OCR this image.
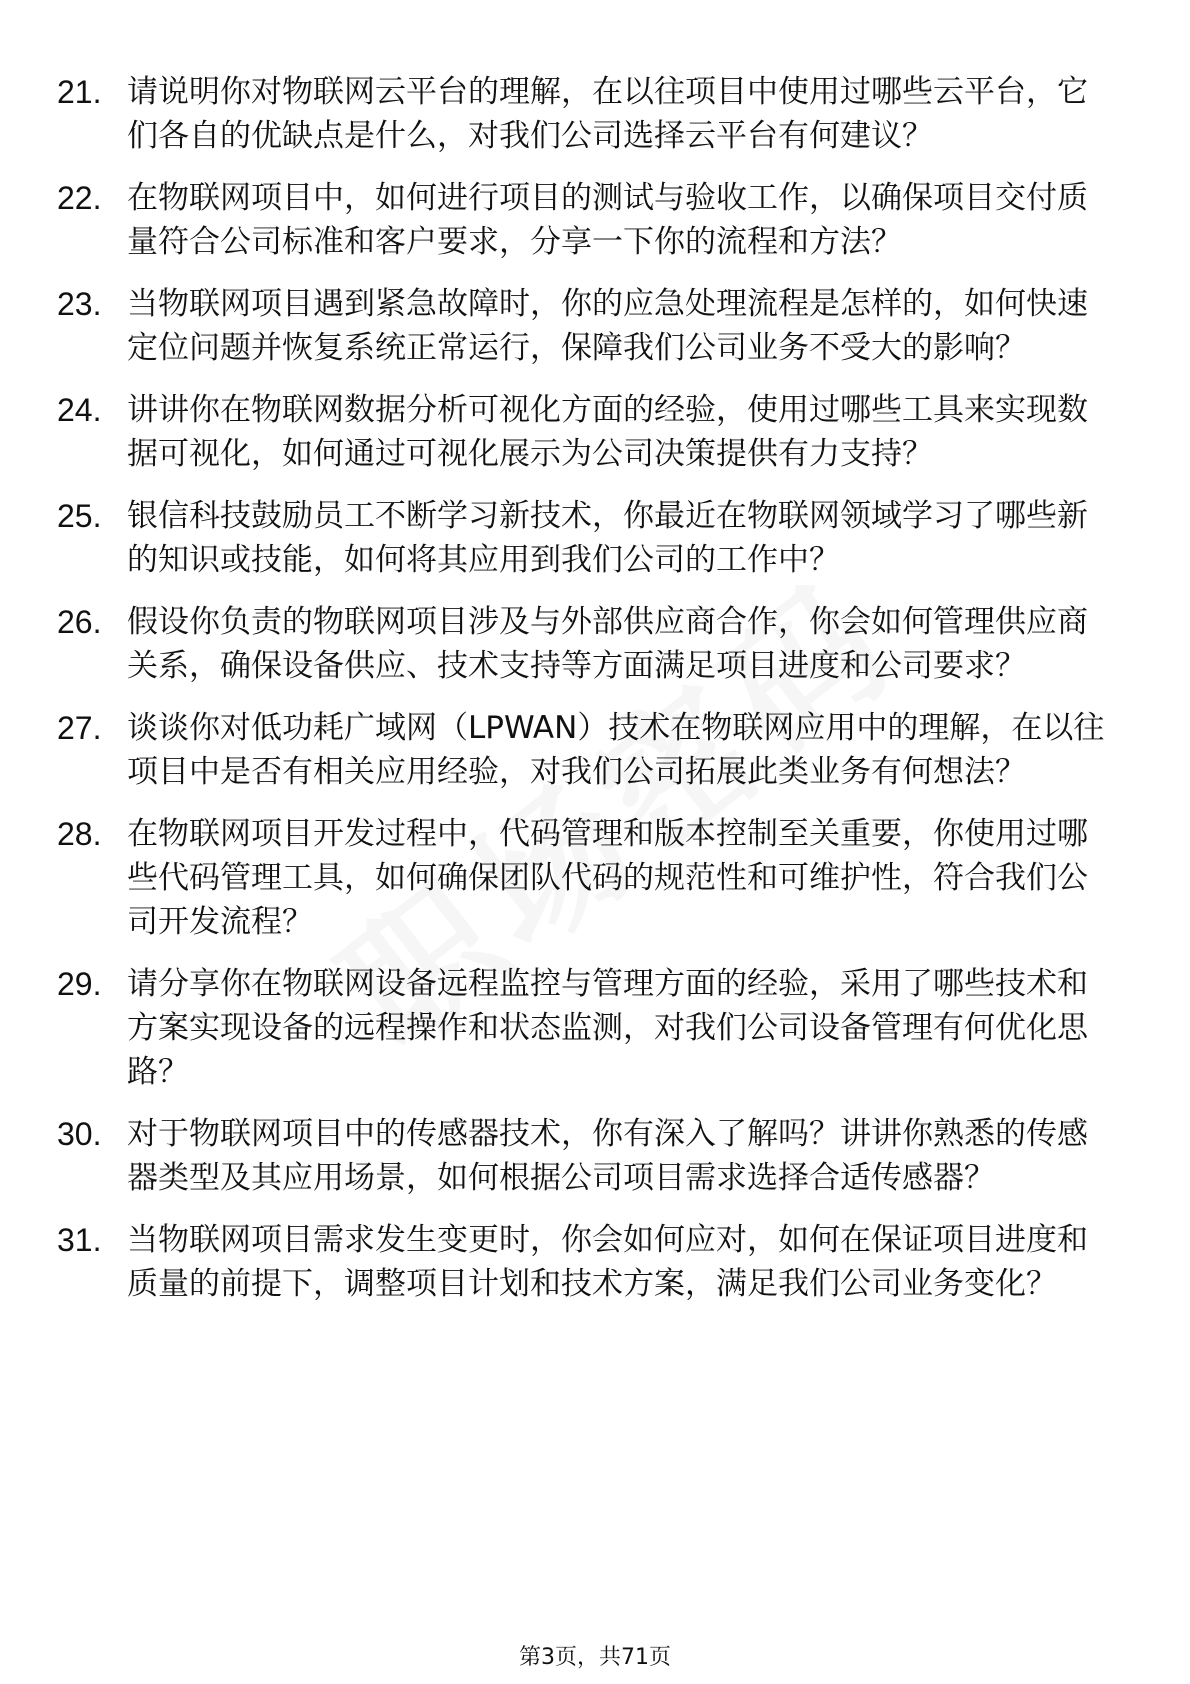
21. 请说明你对物联网云平台的理解，在以往项目中使用过哪些云平台，它们各自的优缺点是什么，对我们公司选择云平台有何建议？
22. 在物联网项目中，如何进行项目的测试与验收工作，以确保项目交付质量符合公司标准和客户要求，分享一下你的流程和方法？
23. 当物联网项目遇到紧急故障时，你的应急处理流程是怎样的，如何快速定位问题并恢复系统正常运行，保障我们公司业务不受大的影响？
24. 讲讲你在物联网数据分析可视化方面的经验，使用过哪些工具来实现数据可视化，如何通过可视化展示为公司决策提供有力支持？
25. 银信科技鼓励员工不断学习新技术，你最近在物联网领域学习了哪些新的知识或技能，如何将其应用到我们公司的工作中？
26. 假设你负责的物联网项目涉及与外部供应商合作，你会如何管理供应商关系，确保设备供应、技术支持等方面满足项目进度和公司要求？
27. 谈谈你对低功耗广域网（LPWAN）技术在物联网应用中的理解，在以往项目中是否有相关应用经验，对我们公司拓展此类业务有何想法？
28. 在物联网项目开发过程中，代码管理和版本控制至关重要，你使用过哪些代码管理工具，如何确保团队代码的规范性和可维护性，符合我们公司开发流程？
29. 请分享你在物联网设备远程监控与管理方面的经验，采用了哪些技术和方案实现设备的远程操作和状态监测，对我们公司设备管理有何优化思路？
30. 对于物联网项目中的传感器技术，你有深入了解吗？讲讲你熟悉的传感器类型及其应用场景，如何根据公司项目需求选择合适传感器？
31. 当物联网项目需求发生变更时，你会如何应对，如何在保证项目进度和质量的前提下，调整项目计划和技术方案，满足我们公司业务变化？
第3页，共71页
